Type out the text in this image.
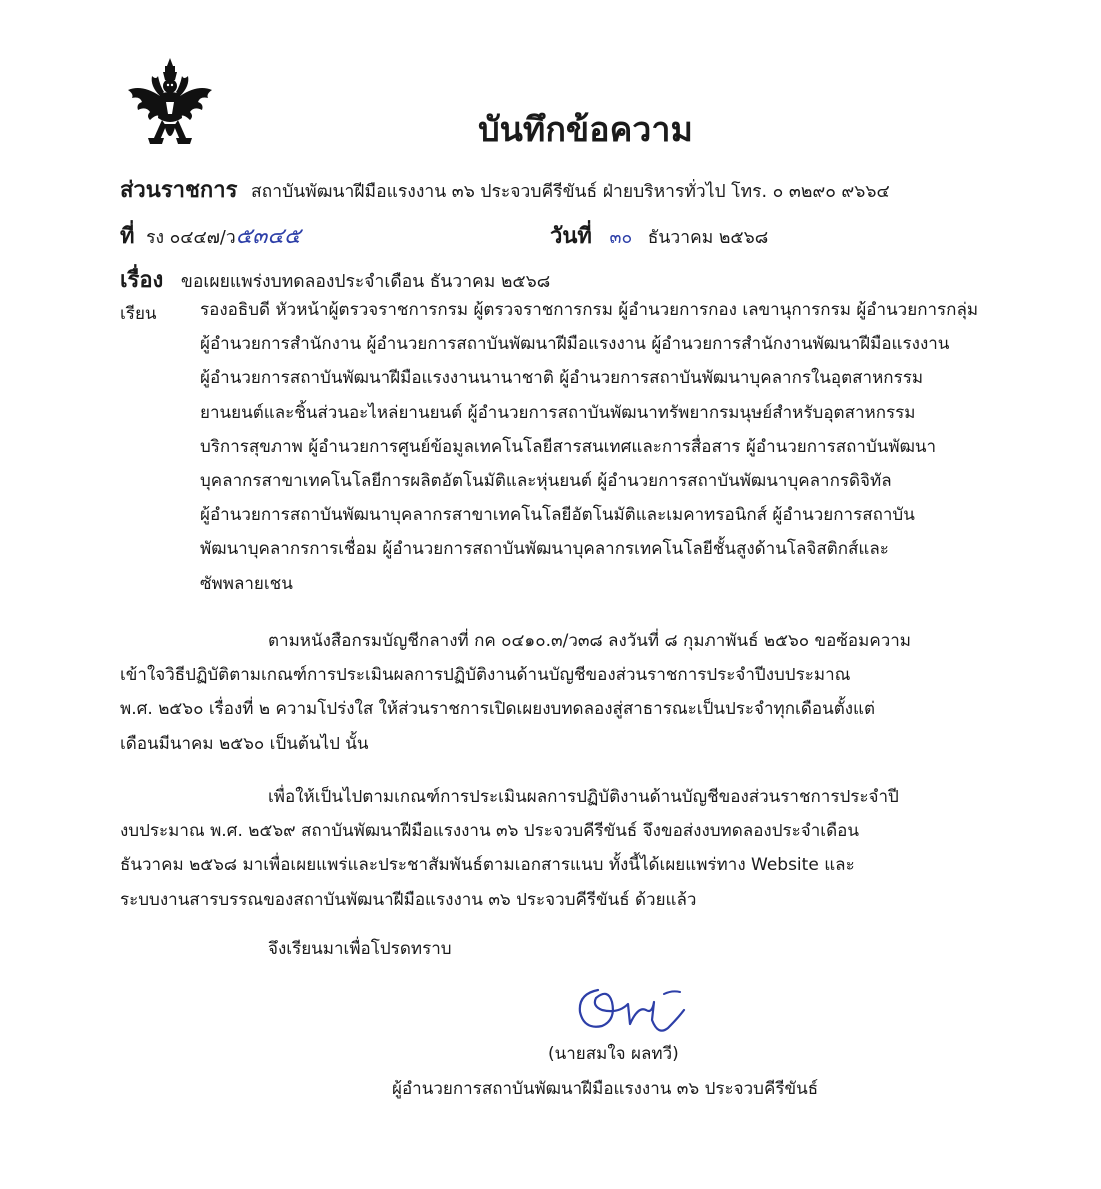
บันทึกข้อความ
ส่วนราชการ สถาบันพัฒนาฝีมือแรงงาน ๓๖ ประจวบคีรีขันธ์ ฝ่ายบริหารทั่วไป โทร. ๐ ๓๒๙๐ ๙๖๖๔
ที่ รง ๐๔๔๗/ว๕๓๔๕	วันที่ ๓๐ ธันวาคม ๒๕๖๘
เรื่อง ขอเผยแพร่งบทดลองประจำเดือน ธันวาคม ๒๕๖๘
เรียน	รองอธิบดี หัวหน้าผู้ตรวจราชการกรม ผู้ตรวจราชการกรม ผู้อำนวยการกอง เลขานุการกรม ผู้อำนวยการกลุ่ม
ผู้อำนวยการสำนักงาน ผู้อำนวยการสถาบันพัฒนาฝีมือแรงงาน ผู้อำนวยการสำนักงานพัฒนาฝีมือแรงงาน
ผู้อำนวยการสถาบันพัฒนาฝีมือแรงงานนานาชาติ ผู้อำนวยการสถาบันพัฒนาบุคลากรในอุตสาหกรรม
ยานยนต์และชิ้นส่วนอะไหล่ยานยนต์ ผู้อำนวยการสถาบันพัฒนาทรัพยากรมนุษย์สำหรับอุตสาหกรรม
บริการสุขภาพ ผู้อำนวยการศูนย์ข้อมูลเทคโนโลยีสารสนเทศและการสื่อสาร ผู้อำนวยการสถาบันพัฒนา
บุคลากรสาขาเทคโนโลยีการผลิตอัตโนมัติและหุ่นยนต์ ผู้อำนวยการสถาบันพัฒนาบุคลากรดิจิทัล
ผู้อำนวยการสถาบันพัฒนาบุคลากรสาขาเทคโนโลยีอัตโนมัติและเมคาทรอนิกส์ ผู้อำนวยการสถาบัน
พัฒนาบุคลากรการเชื่อม ผู้อำนวยการสถาบันพัฒนาบุคลากรเทคโนโลยีชั้นสูงด้านโลจิสติกส์และ
ซัพพลายเชน
ตามหนังสือกรมบัญชีกลางที่ กค ๐๔๑๐.๓/ว๓๘ ลงวันที่ ๘ กุมภาพันธ์ ๒๕๖๐ ขอซ้อมความ
เข้าใจวิธีปฏิบัติตามเกณฑ์การประเมินผลการปฏิบัติงานด้านบัญชีของส่วนราชการประจำปีงบประมาณ
พ.ศ. ๒๕๖๐ เรื่องที่ ๒ ความโปร่งใส ให้ส่วนราชการเปิดเผยงบทดลองสู่สาธารณะเป็นประจำทุกเดือนตั้งแต่
เดือนมีนาคม ๒๕๖๐ เป็นต้นไป นั้น
เพื่อให้เป็นไปตามเกณฑ์การประเมินผลการปฏิบัติงานด้านบัญชีของส่วนราชการประจำปี
งบประมาณ พ.ศ. ๒๕๖๙ สถาบันพัฒนาฝีมือแรงงาน ๓๖ ประจวบคีรีขันธ์ จึงขอส่งงบทดลองประจำเดือน
ธันวาคม ๒๕๖๘ มาเพื่อเผยแพร่และประชาสัมพันธ์ตามเอกสารแนบ ทั้งนี้ได้เผยแพร่ทาง Website และ
ระบบงานสารบรรณของสถาบันพัฒนาฝีมือแรงงาน ๓๖ ประจวบคีรีขันธ์ ด้วยแล้ว
จึงเรียนมาเพื่อโปรดทราบ
(นายสมใจ ผลทวี)
ผู้อำนวยการสถาบันพัฒนาฝีมือแรงงาน ๓๖ ประจวบคีรีขันธ์
